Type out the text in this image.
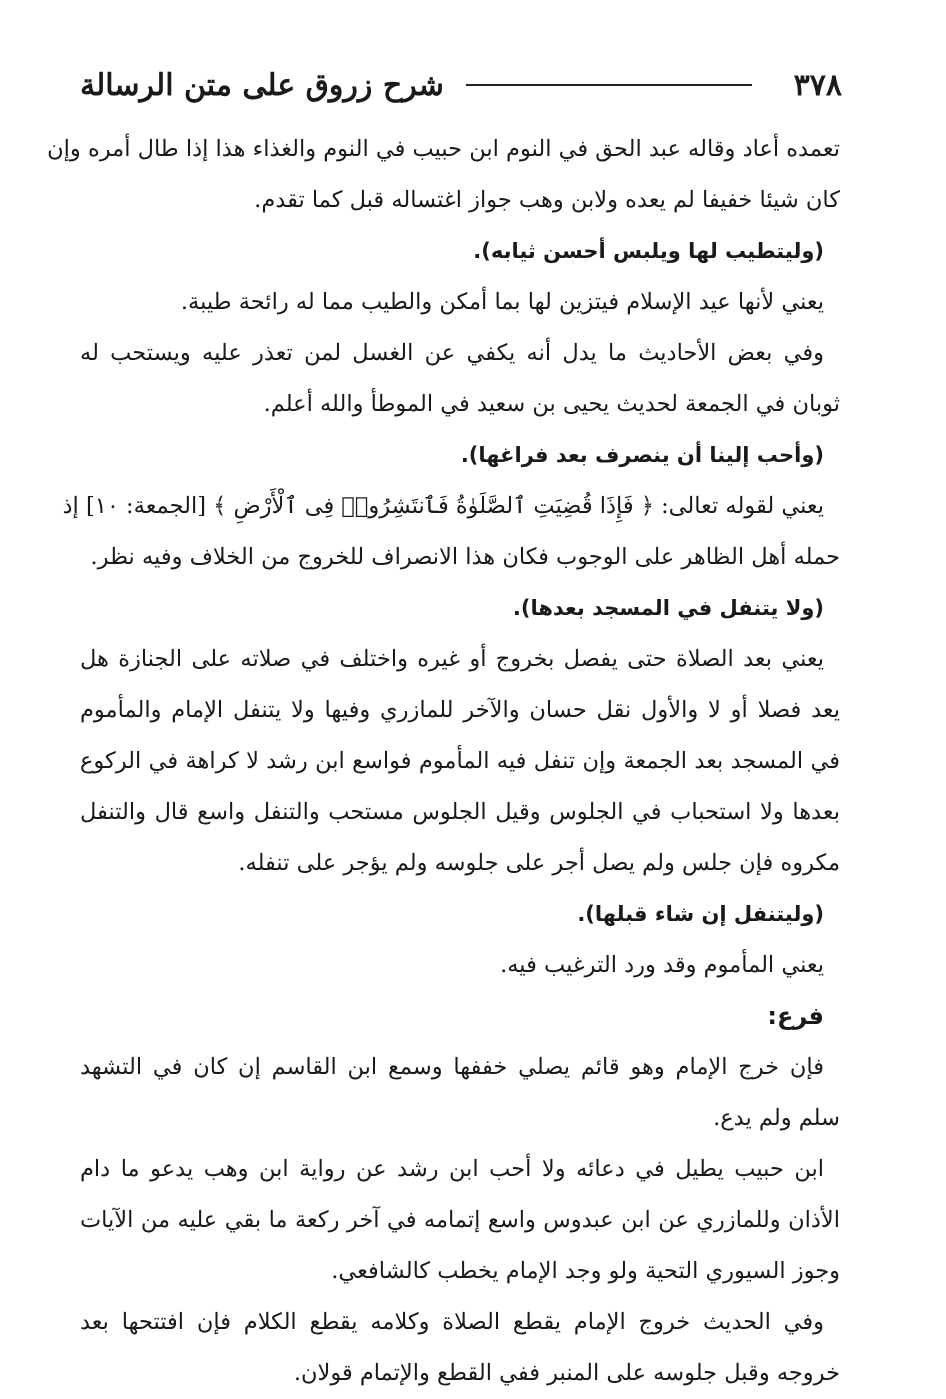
٣٧٨
شرح زروق على متن الرسالة
تعمده أعاد وقاله عبد الحق في النوم ابن حبيب في النوم والغذاء هذا إذا طال أمره وإن
كان شيئا خفيفا لم يعده ولابن وهب جواز اغتساله قبل كما تقدم.
(وليتطيب لها ويلبس أحسن ثيابه).
يعني لأنها عيد الإسلام فيتزين لها بما أمكن والطيب مما له رائحة طيبة.
وفي بعض الأحاديث ما يدل أنه يكفي عن الغسل لمن تعذر عليه ويستحب له
ثوبان في الجمعة لحديث يحيى بن سعيد في الموطأ والله أعلم.
(وأحب إلينا أن ينصرف بعد فراغها).
يعني لقوله تعالى: ﴿ فَإِذَا قُضِيَتِ ٱلصَّلَوٰةُ فَٱنتَشِرُوا۟ فِى ٱلْأَرْضِ ﴾ [الجمعة: ١٠] إذ
حمله أهل الظاهر على الوجوب فكان هذا الانصراف للخروج من الخلاف وفيه نظر.
(ولا يتنفل في المسجد بعدها).
يعني بعد الصلاة حتى يفصل بخروج أو غيره واختلف في صلاته على الجنازة هل
يعد فصلا أو لا والأول نقل حسان والآخر للمازري وفيها ولا يتنفل الإمام والمأموم
في المسجد بعد الجمعة وإن تنفل فيه المأموم فواسع ابن رشد لا كراهة في الركوع
بعدها ولا استحباب في الجلوس وقيل الجلوس مستحب والتنفل واسع قال والتنفل
مكروه فإن جلس ولم يصل أجر على جلوسه ولم يؤجر على تنفله.
(وليتنفل إن شاء قبلها).
يعني المأموم وقد ورد الترغيب فيه.
فرع:
فإن خرج الإمام وهو قائم يصلي خففها وسمع ابن القاسم إن كان في التشهد
سلم ولم يدع.
ابن حبيب يطيل في دعائه ولا أحب ابن رشد عن رواية ابن وهب يدعو ما دام
الأذان وللمازري عن ابن عبدوس واسع إتمامه في آخر ركعة ما بقي عليه من الآيات
وجوز السيوري التحية ولو وجد الإمام يخطب كالشافعي.
وفي الحديث خروج الإمام يقطع الصلاة وكلامه يقطع الكلام فإن افتتحها بعد
خروجه وقبل جلوسه على المنبر ففي القطع والإتمام قولان.
